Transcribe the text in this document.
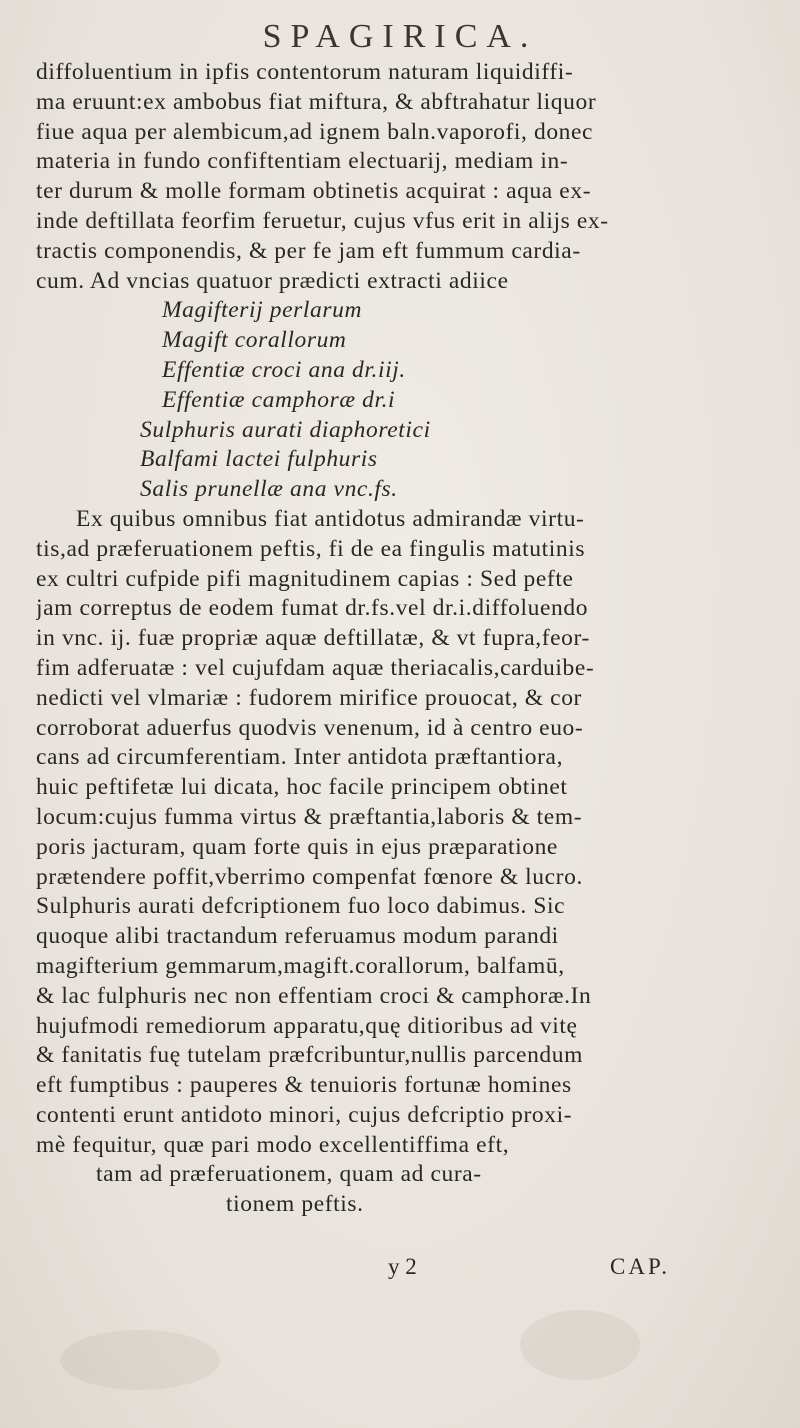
SPAGIRICA.
diffoluentium in ipfis contentorum naturam liquidiffi-
ma eruunt:ex ambobus fiat miftura, & abftrahatur liquor
fiue aqua per alembicum,ad ignem baln.vaporofi, donec
materia in fundo confiftentiam electuarij, mediam in-
ter durum & molle formam obtinetis acquirat : aqua ex-
inde deftillata feorfim feruetur, cujus vfus erit in alijs ex-
tractis componendis, & per fe jam eft fummum cardia-
cum. Ad vncias quatuor prædicti extracti adiice
Magifterij perlarum
Magift corallorum
Effentiæ croci ana dr.iij.
Effentiæ camphoræ dr.i
Sulphuris aurati diaphoretici
Balfami lactei fulphuris
Salis prunellæ ana vnc.fs.
Ex quibus omnibus fiat antidotus admirandæ virtu-
tis,ad præferuationem peftis, fi de ea fingulis matutinis
ex cultri cufpide pifi magnitudinem capias : Sed pefte
jam correptus de eodem fumat dr.fs.vel dr.i.diffoluendo
in vnc. ij. fuæ propriæ aquæ deftillatæ, & vt fupra,feor-
fim adferuatæ : vel cujufdam aquæ theriacalis,carduibe-
nedicti vel vlmariæ : fudorem mirifice prouocat, & cor
corroborat aduerfus quodvis venenum, id à centro euo-
cans ad circumferentiam. Inter antidota præftantiora,
huic peftifetæ lui dicata, hoc facile principem obtinet
locum:cujus fumma virtus & præftantia,laboris & tem-
poris jacturam, quam forte quis in ejus præparatione
prætendere poffit,vberrimo compenfat fœnore & lucro.
Sulphuris aurati defcriptionem fuo loco dabimus. Sic
quoque alibi tractandum referuamus modum parandi
magifterium gemmarum,magift.corallorum, balfamū,
& lac fulphuris nec non effentiam croci & camphoræ.In
hujufmodi remediorum apparatu,quę ditioribus ad vitę
& fanitatis fuę tutelam præfcribuntur,nullis parcendum
eft fumptibus : pauperes & tenuioris fortunæ homines
contenti erunt antidoto minori, cujus defcriptio proxi-
mè fequitur, quæ pari modo excellentiffima eft,
tam ad præferuationem, quam ad cura-
tionem peftis.
y 2	CAP.
